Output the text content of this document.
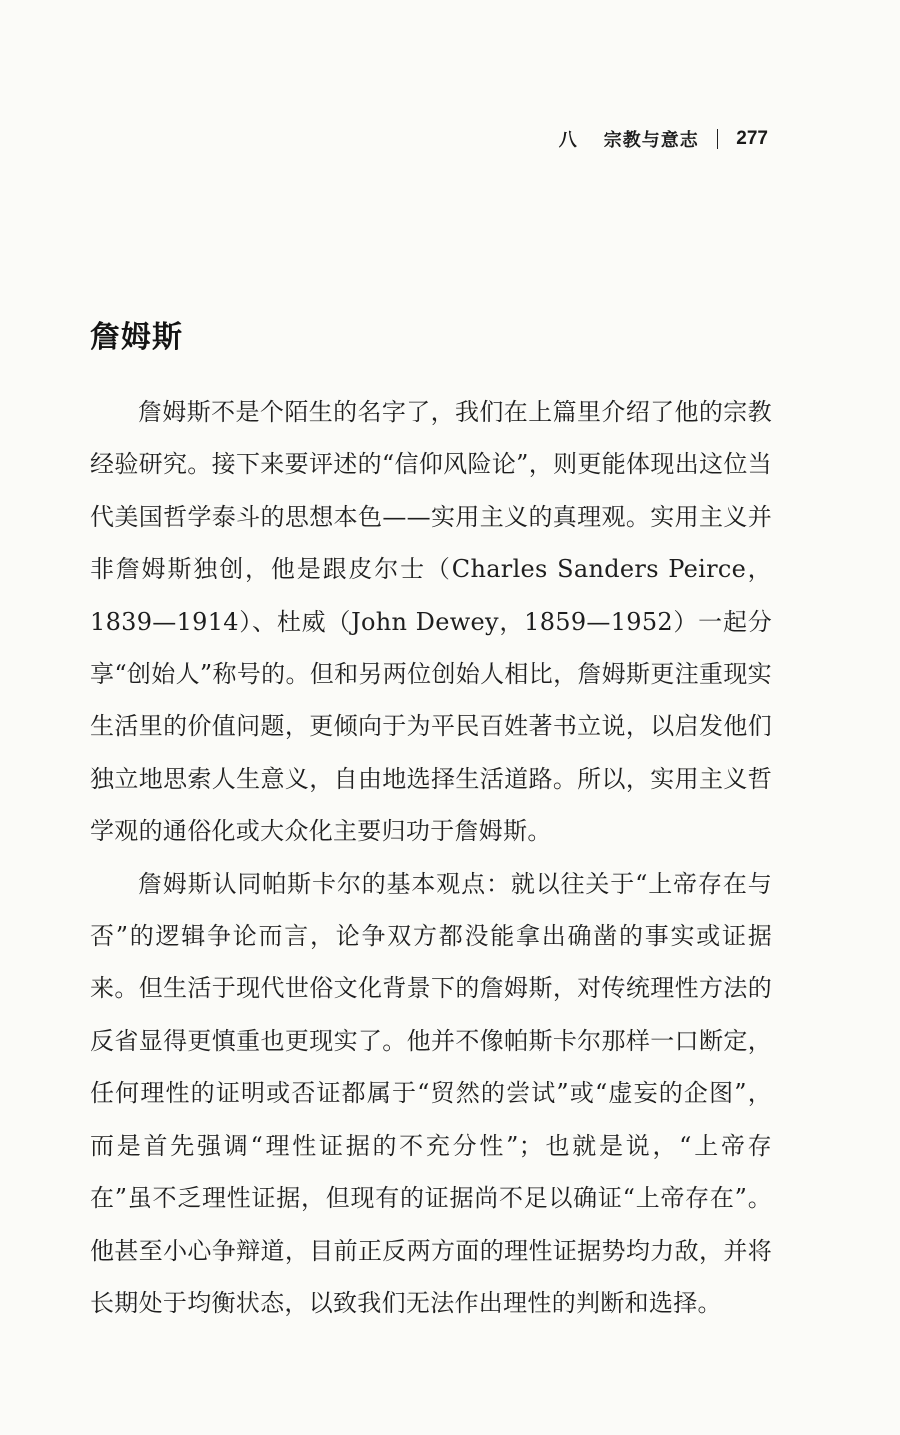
八 宗教与意志 277
詹姆斯

詹姆斯不是个陌生的名字了，我们在上篇里介绍了他的宗教经验研究。接下来要评述的“信仰风险论”，则更能体现出这位当代美国哲学泰斗的思想本色——实用主义的真理观。实用主义并非詹姆斯独创，他是跟皮尔士（Charles Sanders Peirce，1839—1914）、杜威（John Dewey，1859—1952）一起分享“创始人”称号的。但和另两位创始人相比，詹姆斯更注重现实生活里的价值问题，更倾向于为平民百姓著书立说，以启发他们独立地思索人生意义，自由地选择生活道路。所以，实用主义哲学观的通俗化或大众化主要归功于詹姆斯。

詹姆斯认同帕斯卡尔的基本观点：就以往关于“上帝存在与否”的逻辑争论而言，论争双方都没能拿出确凿的事实或证据来。但生活于现代世俗文化背景下的詹姆斯，对传统理性方法的反省显得更慎重也更现实了。他并不像帕斯卡尔那样一口断定，任何理性的证明或否证都属于“贸然的尝试”或“虚妄的企图”，而是首先强调“理性证据的不充分性”；也就是说，“上帝存在”虽不乏理性证据，但现有的证据尚不足以确证“上帝存在”。他甚至小心争辩道，目前正反两方面的理性证据势均力敌，并将长期处于均衡状态，以致我们无法作出理性的判断和选择。
